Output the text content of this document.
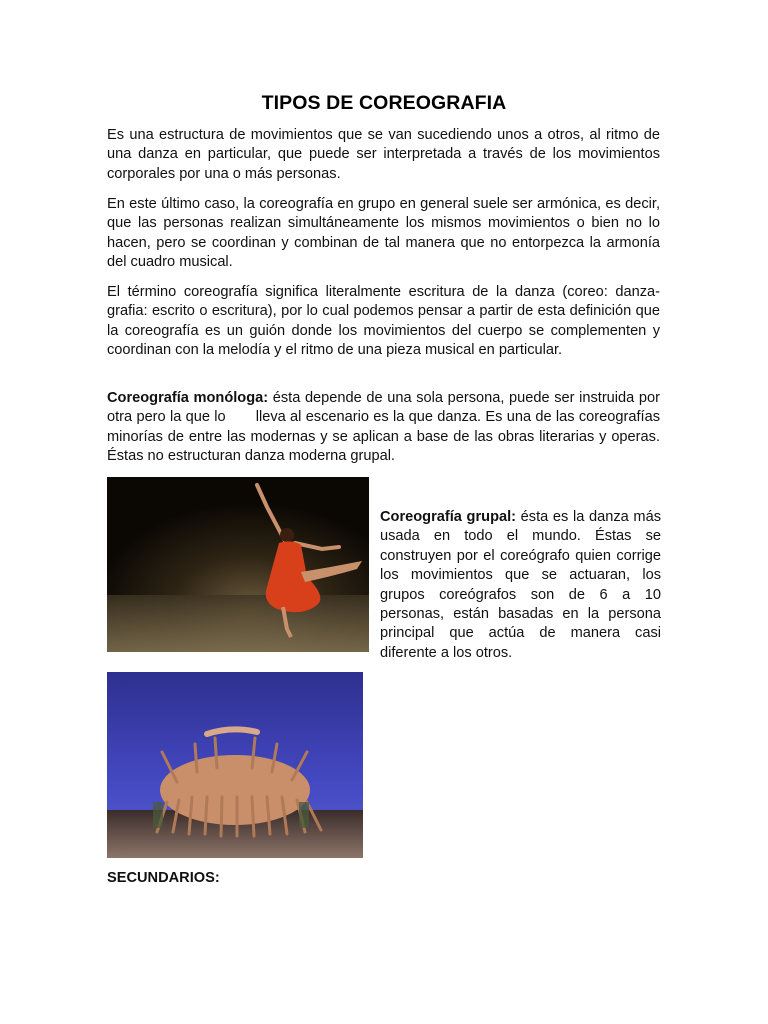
TIPOS DE COREOGRAFIA

Es una estructura de movimientos que se van sucediendo unos a otros, al ritmo de una danza en particular, que puede ser interpretada a través de los movimientos corporales por una o más personas.

En este último caso, la coreografía en grupo en general suele ser armónica, es decir, que las personas realizan simultáneamente los mismos movimientos o bien no lo hacen, pero se coordinan y combinan de tal manera que no entorpezca la armonía del cuadro musical.

El término coreografía significa literalmente escritura de la danza (coreo: danza-grafia: escrito o escritura), por lo cual podemos pensar a partir de esta definición que la coreografía es un guión donde los movimientos del cuerpo se complementen y coordinan con la melodía y el ritmo de una pieza musical en particular.

Coreografía monóloga: ésta depende de una sola persona, puede ser instruida por otra pero la que lo       lleva al escenario es la que danza. Es una de las coreografías minorías de entre las modernas y se aplican a base de las obras literarias y operas. Éstas no estructuran danza moderna grupal.

Coreografía grupal: ésta es la danza más usada en todo el mundo. Éstas se construyen por el coreógrafo quien corrige los movimientos que se actuaran, los grupos coreógrafos son de 6 a 10 personas, están basadas en la persona principal que actúa de manera casi diferente a los otros.

SECUNDARIOS:
